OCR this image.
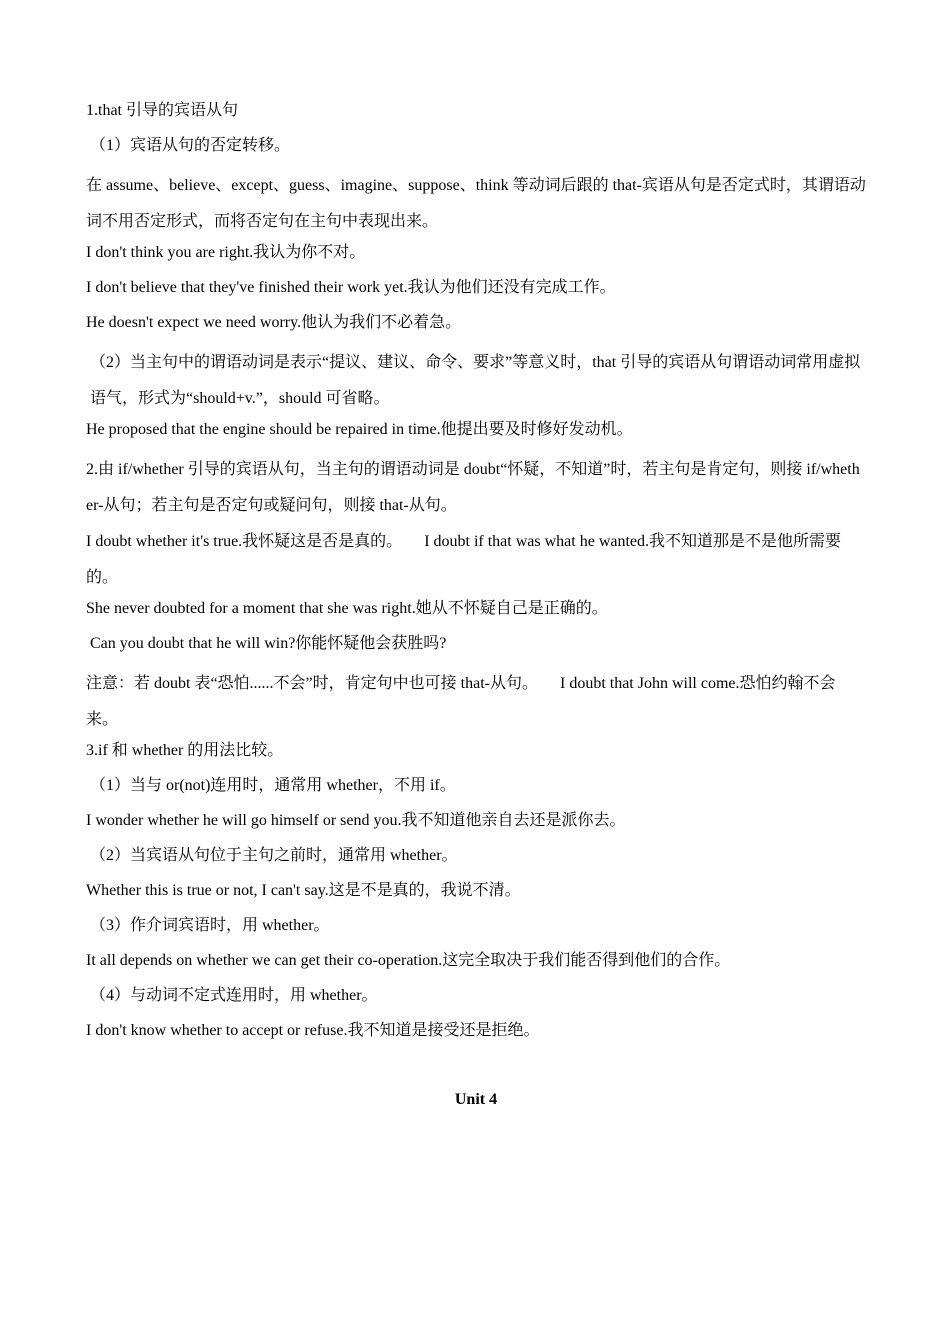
1.that 引导的宾语从句

（1）宾语从句的否定转移。

在 assume、believe、except、guess、imagine、suppose、think 等动词后跟的 that-宾语从句是否定式时，其谓语动词不用否定形式，而将否定句在主句中表现出来。

I don't think you are right.我认为你不对。

I don't believe that they've finished their work yet.我认为他们还没有完成工作。

He doesn't expect we need worry.他认为我们不必着急。

（2）当主句中的谓语动词是表示“提议、建议、命令、要求”等意义时，that 引导的宾语从句谓语动词常用虚拟语气，形式为“should+v.”，should 可省略。

He proposed that the engine should be repaired in time.他提出要及时修好发动机。

2.由 if/whether 引导的宾语从句，当主句的谓语动词是 doubt“怀疑，不知道”时，若主句是肯定句，则接 if/whether-从句；若主句是否定句或疑问句，则接 that-从句。

I doubt whether it's true.我怀疑这是否是真的。 I doubt if that was what he wanted.我不知道那是不是他所需要的。

She never doubted for a moment that she was right.她从不怀疑自己是正确的。

Can you doubt that he will win?你能怀疑他会获胜吗?

注意：若 doubt 表“恐怕......不会”时，肯定句中也可接 that-从句。 I doubt that John will come.恐怕约翰不会来。

3.if 和 whether 的用法比较。

（1）当与 or(not)连用时，通常用 whether，不用 if。

I wonder whether he will go himself or send you.我不知道他亲自去还是派你去。

（2）当宾语从句位于主句之前时，通常用 whether。

Whether this is true or not, I can't say.这是不是真的，我说不清。

（3）作介词宾语时，用 whether。

It all depends on whether we can get their co-operation.这完全取决于我们能否得到他们的合作。

（4）与动词不定式连用时，用 whether。

I don't know whether to accept or refuse.我不知道是接受还是拒绝。

Unit 4
